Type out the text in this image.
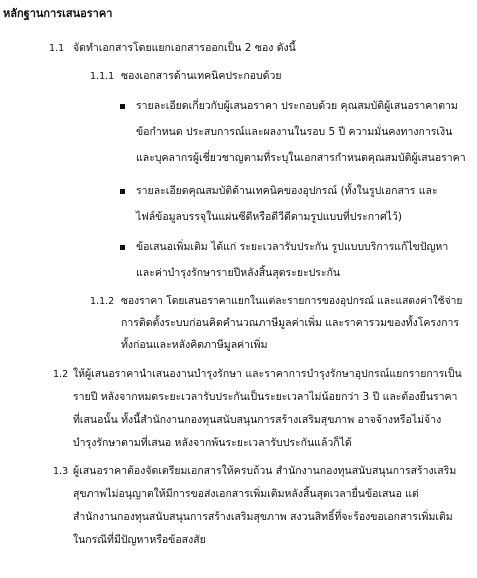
หลักฐานการเสนอราคา
1.1 จัดทำเอกสารโดยแยกเอกสารออกเป็น 2 ซอง ดังนี้
1.1.1 ซองเอกสารด้านเทคนิคประกอบด้วย
รายละเอียดเกี่ยวกับผู้เสนอราคา ประกอบด้วย คุณสมบัติผู้เสนอราคาตาม
ข้อกำหนด ประสบการณ์และผลงานในรอบ 5 ปี ความมั่นคงทางการเงิน
และบุคลากรผู้เชี่ยวชาญตามที่ระบุในเอกสารกำหนดคุณสมบัติผู้เสนอราคา
รายละเอียดคุณสมบัติด้านเทคนิคของอุปกรณ์ (ทั้งในรูปเอกสาร และ
ไฟล์ข้อมูลบรรจุในแผ่นซีดีหรือดีวีดีตามรูปแบบที่ประกาศไว้)
ข้อเสนอเพิ่มเติม ได้แก่ ระยะเวลารับประกัน รูปแบบบริการแก้ไขปัญหา
และค่าบำรุงรักษารายปีหลังสิ้นสุดระยะประกัน
1.1.2 ซองราคา โดยเสนอราคาแยกในแต่ละรายการของอุปกรณ์ และแสดงค่าใช้จ่าย
การติดตั้งระบบก่อนคิดคำนวณภาษีมูลค่าเพิ่ม และราคารวมของทั้งโครงการ
ทั้งก่อนและหลังคิดภาษีมูลค่าเพิ่ม
1.2 ให้ผู้เสนอราคานำเสนองานบำรุงรักษา และราคาการบำรุงรักษาอุปกรณ์แยกรายการเป็น
รายปี หลังจากหมดระยะเวลารับประกันเป็นระยะเวลาไม่น้อยกว่า 3 ปี และต้องยืนราคา
ที่เสนอนั้น ทั้งนี้สำนักงานกองทุนสนับสนุนการสร้างเสริมสุขภาพ อาจจ้างหรือไม่จ้าง
บำรุงรักษาตามที่เสนอ หลังจากพ้นระยะเวลารับประกันแล้วก็ได้
1.3 ผู้เสนอราคาต้องจัดเตรียมเอกสารให้ครบถ้วน สำนักงานกองทุนสนับสนุนการสร้างเสริม
สุขภาพไม่อนุญาตให้มีการขอส่งเอกสารเพิ่มเติมหลังสิ้นสุดเวลายื่นข้อเสนอ แต่
สำนักงานกองทุนสนับสนุนการสร้างเสริมสุขภาพ สงวนสิทธิ์ที่จะร้องขอเอกสารเพิ่มเติม
ในกรณีที่มีปัญหาหรือข้อสงสัย
